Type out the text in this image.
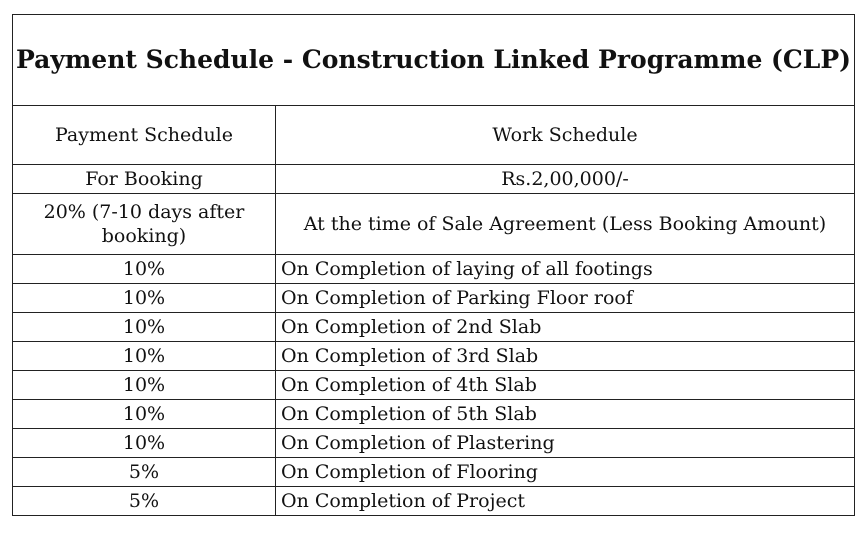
Payment Schedule - Construction Linked Programme (CLP)	
Payment Schedule	Work Schedule
For Booking	Rs.2,00,000/-
20% (7-10 days after booking)	At the time of Sale Agreement (Less Booking Amount)
10%	On Completion of laying of all footings
10%	On Completion of Parking Floor roof
10%	On Completion of 2nd Slab
10%	On Completion of 3rd Slab
10%	On Completion of 4th Slab
10%	On Completion of 5th Slab
10%	On Completion of Plastering
5%	On Completion of Flooring
5%	On Completion of Project
